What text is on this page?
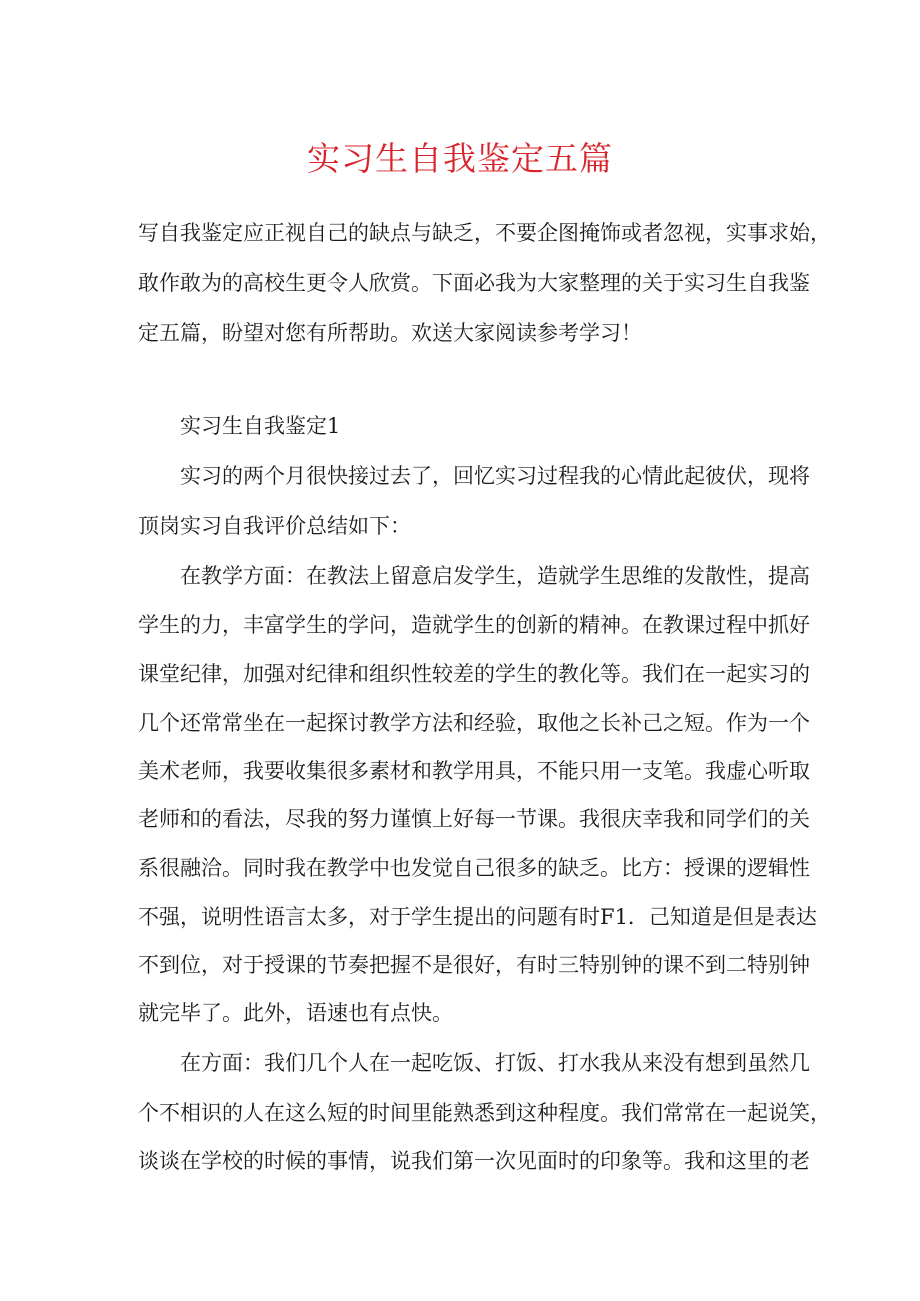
实习生自我鉴定五篇
写自我鉴定应正视自己的缺点与缺乏，不要企图掩饰或者忽视，实事求始，
敢作敢为的高校生更令人欣赏。下面必我为大家整理的关于实习生自我鉴
定五篇，盼望对您有所帮助。欢送大家阅读参考学习！
实习生自我鉴定1
实习的两个月很快接过去了，回忆实习过程我的心情此起彼伏，现将
顶岗实习自我评价总结如下：
在教学方面：在教法上留意启发学生，造就学生思维的发散性，提高
学生的力，丰富学生的学问，造就学生的创新的精神。在教课过程中抓好
课堂纪律，加强对纪律和组织性较差的学生的教化等。我们在一起实习的
几个还常常坐在一起探讨教学方法和经验，取他之长补己之短。作为一个
美术老师，我要收集很多素材和教学用具，不能只用一支笔。我虚心听取
老师和的看法，尽我的努力谨慎上好每一节课。我很庆幸我和同学们的关
系很融洽。同时我在教学中也发觉自己很多的缺乏。比方：授课的逻辑性
不强，说明性语言太多，对于学生提出的问题有时F1．己知道是但是表达
不到位，对于授课的节奏把握不是很好，有时三特别钟的课不到二特别钟
就完毕了。此外，语速也有点快。
在方面：我们几个人在一起吃饭、打饭、打水我从来没有想到虽然几
个不相识的人在这么短的时间里能熟悉到这种程度。我们常常在一起说笑，
谈谈在学校的时候的事情，说我们第一次见面时的印象等。我和这里的老
